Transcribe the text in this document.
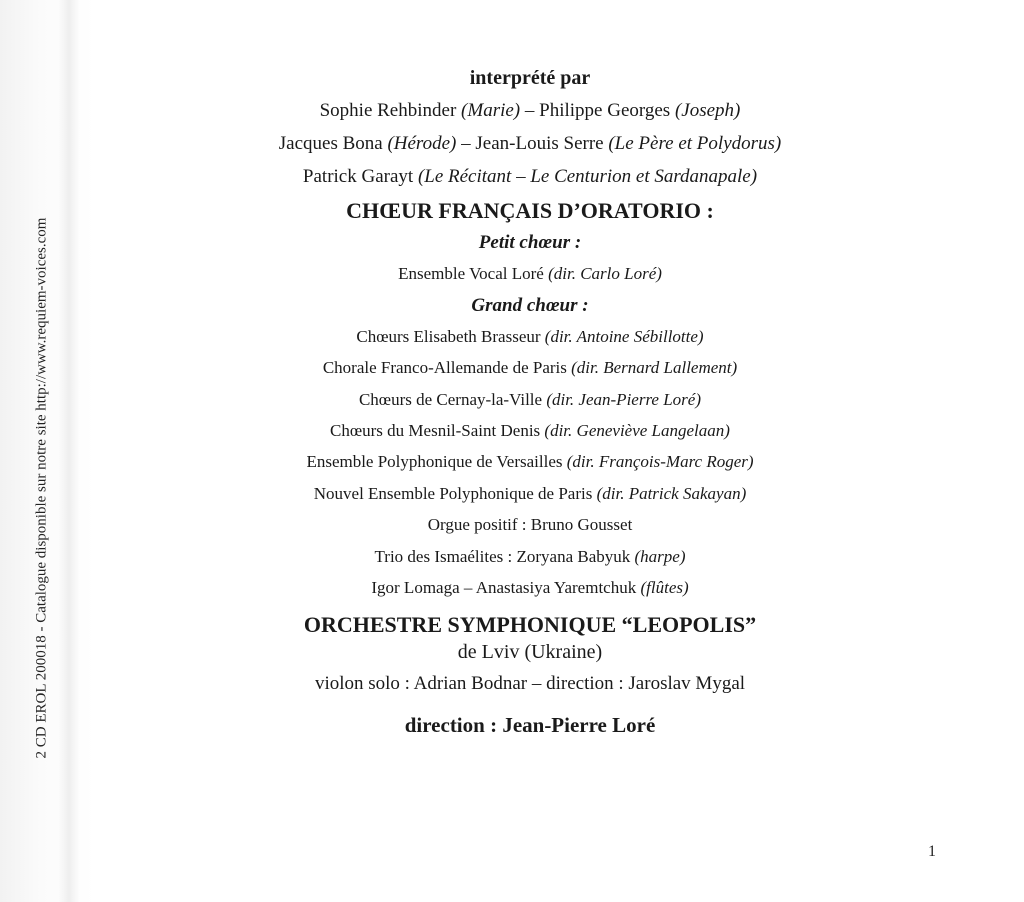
2 CD EROL 200018 - Catalogue disponible sur notre site http://www.requiem-voices.com
interprété par
Sophie Rehbinder (Marie) – Philippe Georges (Joseph)
Jacques Bona (Hérode) – Jean-Louis Serre (Le Père et Polydorus)
Patrick Garayt (Le Récitant – Le Centurion et Sardanapale)
CHŒUR FRANÇAIS D’ORATORIO :
Petit chœur :
Ensemble Vocal Loré (dir. Carlo Loré)
Grand chœur :
Chœurs Elisabeth Brasseur (dir. Antoine Sébillotte)
Chorale Franco-Allemande de Paris (dir. Bernard Lallement)
Chœurs de Cernay-la-Ville (dir. Jean-Pierre Loré)
Chœurs du Mesnil-Saint Denis (dir. Geneviève Langelaan)
Ensemble Polyphonique de Versailles (dir. François-Marc Roger)
Nouvel Ensemble Polyphonique de Paris (dir. Patrick Sakayan)
Orgue positif : Bruno Gousset
Trio des Ismaélites : Zoryana Babyuk (harpe)
Igor Lomaga – Anastasiya Yaremtchuk (flûtes)
ORCHESTRE SYMPHONIQUE “LEOPOLIS”
de Lviv (Ukraine)
violon solo : Adrian Bodnar – direction : Jaroslav Mygal
direction : Jean-Pierre Loré
1
